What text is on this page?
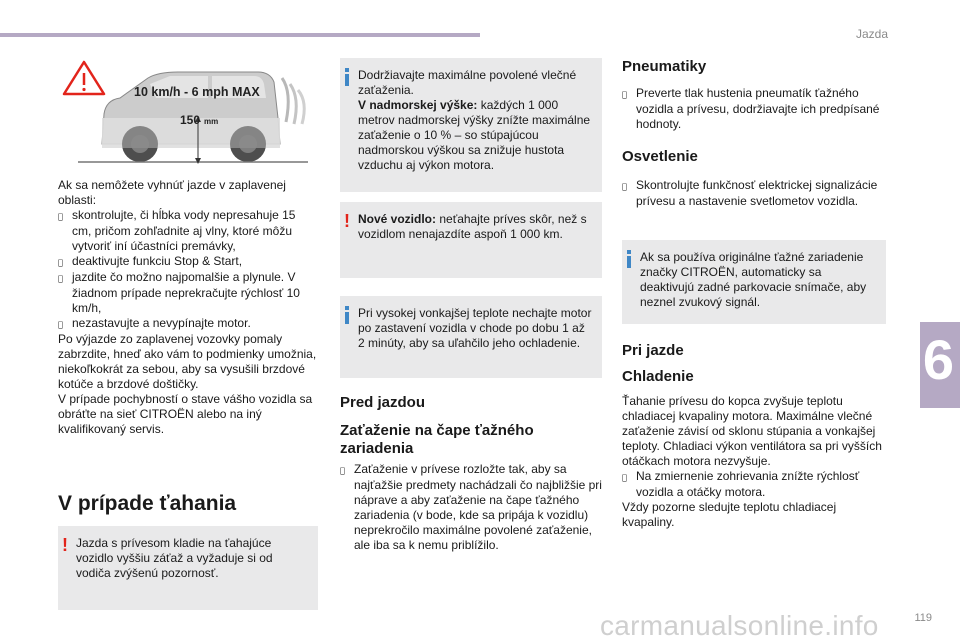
Jazda
6
119
carmanualsonline.info
10 km/h - 6 mph MAX
150 mm
Ak sa nemôžete vyhnúť jazde v zaplavenej oblasti:
skontrolujte, či hĺbka vody nepresahuje 15 cm, pričom zohľadnite aj vlny, ktoré môžu vytvoriť iní účastníci premávky,
deaktivujte funkciu Stop & Start,
jazdite čo možno najpomalšie a plynule. V žiadnom prípade neprekračujte rýchlosť 10 km/h,
nezastavujte a nevypínajte motor.
Po výjazde zo zaplavenej vozovky pomaly zabrzdite, hneď ako vám to podmienky umožnia, niekoľkokrát za sebou, aby sa vysušili brzdové kotúče a brzdové doštičky.
V prípade pochybností o stave vášho vozidla sa obráťte na sieť CITROËN alebo na iný kvalifikovaný servis.
V prípade ťahania
! Jazda s prívesom kladie na ťahajúce vozidlo vyššiu záťaž a vyžaduje si od vodiča zvýšenú pozornosť.
Dodržiavajte maximálne povolené vlečné zaťaženia.
V nadmorskej výške: každých 1 000 metrov nadmorskej výšky znížte maximálne zaťaženie o 10 % – so stúpajúcou nadmorskou výškou sa znižuje hustota vzduchu aj výkon motora.
! Nové vozidlo: neťahajte príves skôr, než s vozidlom nenajazdíte aspoň 1 000 km.
Pri vysokej vonkajšej teplote nechajte motor po zastavení vozidla v chode po dobu 1 až 2 minúty, aby sa uľahčilo jeho ochladenie.
Pred jazdou
Zaťaženie na čape ťažného zariadenia
Zaťaženie v prívese rozložte tak, aby sa najťažšie predmety nachádzali čo najbližšie pri náprave a aby zaťaženie na čape ťažného zariadenia (v bode, kde sa pripája k vozidlu) neprekročilo maximálne povolené zaťaženie, ale iba sa k nemu priblížilo.
Pneumatiky
Preverte tlak hustenia pneumatík ťažného vozidla a prívesu, dodržiavajte ich predpísané hodnoty.
Osvetlenie
Skontrolujte funkčnosť elektrickej signalizácie prívesu a nastavenie svetlometov vozidla.
Ak sa používa originálne ťažné zariadenie značky CITROËN, automaticky sa deaktivujú zadné parkovacie snímače, aby neznel zvukový signál.
Pri jazde
Chladenie
Ťahanie prívesu do kopca zvyšuje teplotu chladiacej kvapaliny motora. Maximálne vlečné zaťaženie závisí od sklonu stúpania a vonkajšej teploty. Chladiaci výkon ventilátora sa pri vyšších otáčkach motora nezvyšuje.
Na zmiernenie zohrievania znížte rýchlosť vozidla a otáčky motora.
Vždy pozorne sledujte teplotu chladiacej kvapaliny.
